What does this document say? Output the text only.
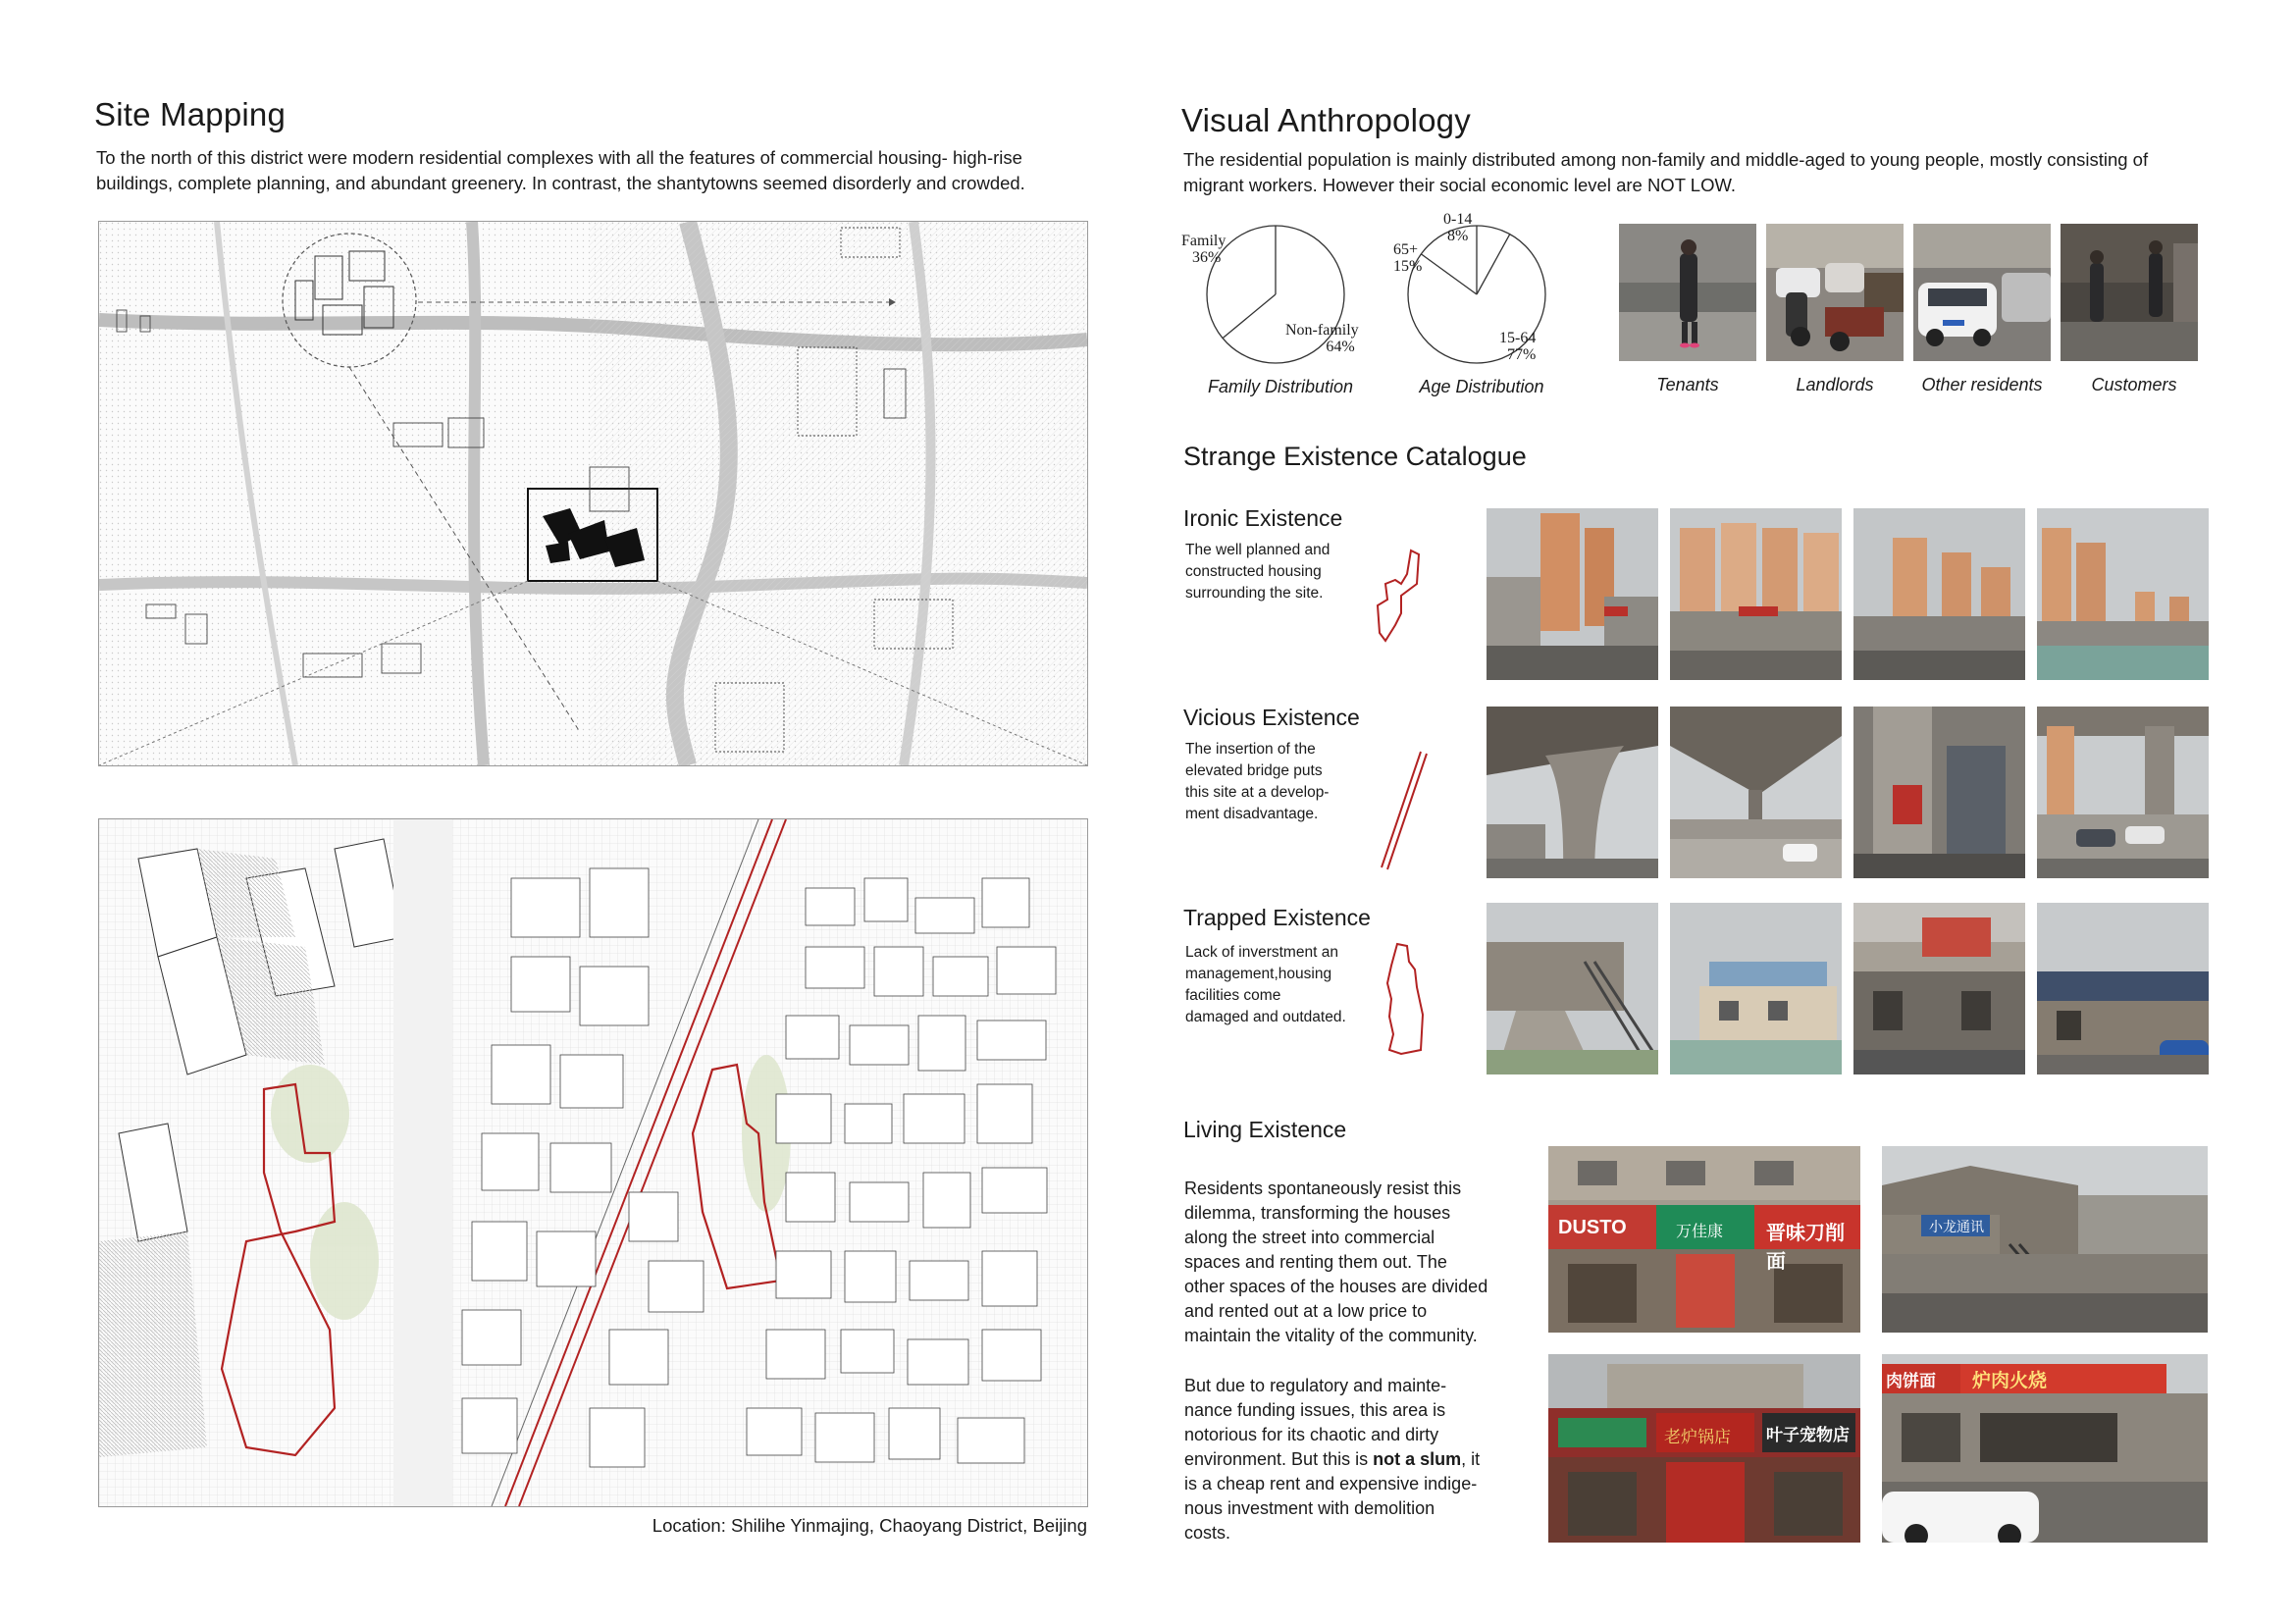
Site Mapping

To the north of this district were modern residential complexes with all the features of commercial housing- high-rise buildings, complete planning, and abundant greenery. In contrast, the shantytowns seemed disorderly and crowded.

Location: Shilihe Yinmajing, Chaoyang District, Beijing

Visual Anthropology

The residential population is mainly distributed among non-family and middle-aged to young people, mostly consisting of migrant workers. However their social economic level are NOT LOW.

Family
36%
Non-family
64%
Family Distribution
0-14
8%
65+
15%
15-64
77%
Age Distribution	Tenants	Landlords	Other residents	Customers
Strange Existence Catalogue
Ironic Existence
The well planned and
constructed housing
surrounding the site.
Vicious Existence
The insertion of the
elevated bridge puts
this site at a develop-
ment disadvantage.
Trapped Existence
Lack of inverstment an
management,housing
facilities come
damaged and outdated.
Living Existence
Residents spontaneously resist this
dilemma, transforming the houses
along the street into commercial
spaces and renting them out. The
other spaces of the houses are divided
and rented out at a low price to
maintain the vitality of the community.
But due to regulatory and mainte-
nance funding issues, this area is
notorious for its chaotic and dirty
environment. But this is not a slum, it
is a cheap rent and expensive indige-
nous investment with demolition
costs.
DUSTO	万佳康 晋味刀削面
小龙通讯
老炉锅店 叶子宠物店
肉饼面 炉肉火烧
